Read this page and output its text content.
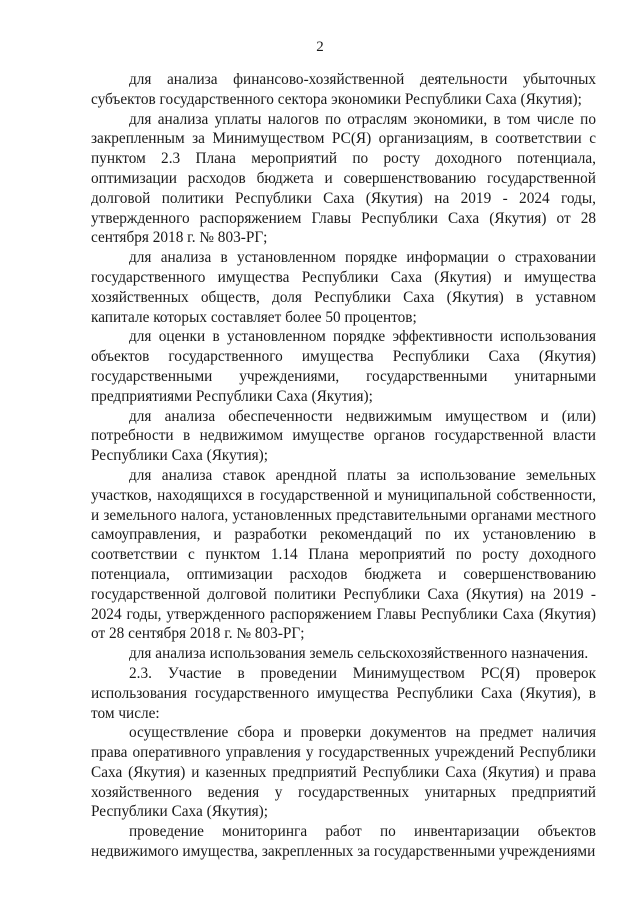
2

для анализа финансово-хозяйственной деятельности убыточных субъектов государственного сектора экономики Республики Саха (Якутия);

для анализа уплаты налогов по отраслям экономики, в том числе по закрепленным за Минимуществом РС(Я) организациям, в соответствии с пунктом 2.3 Плана мероприятий по росту доходного потенциала, оптимизации расходов бюджета и совершенствованию государственной долговой политики Республики Саха (Якутия) на 2019 - 2024 годы, утвержденного распоряжением Главы Республики Саха (Якутия) от 28 сентября 2018 г. № 803-РГ;

для анализа в установленном порядке информации о страховании государственного имущества Республики Саха (Якутия) и имущества хозяйственных обществ, доля Республики Саха (Якутия) в уставном капитале которых составляет более 50 процентов;

для оценки в установленном порядке эффективности использования объектов государственного имущества Республики Саха (Якутия) государственными учреждениями, государственными унитарными предприятиями Республики Саха (Якутия);

для анализа обеспеченности недвижимым имуществом и (или) потребности в недвижимом имуществе органов государственной власти Республики Саха (Якутия);

для анализа ставок арендной платы за использование земельных участков, находящихся в государственной и муниципальной собственности, и земельного налога, установленных представительными органами местного самоуправления, и разработки рекомендаций по их установлению в соответствии с пунктом 1.14 Плана мероприятий по росту доходного потенциала, оптимизации расходов бюджета и совершенствованию государственной долговой политики Республики Саха (Якутия) на 2019 - 2024 годы, утвержденного распоряжением Главы Республики Саха (Якутия) от 28 сентября 2018 г. № 803-РГ;

для анализа использования земель сельскохозяйственного назначения.

2.3. Участие в проведении Минимуществом РС(Я) проверок использования государственного имущества Республики Саха (Якутия), в том числе:

осуществление сбора и проверки документов на предмет наличия права оперативного управления у государственных учреждений Республики Саха (Якутия) и казенных предприятий Республики Саха (Якутия) и права хозяйственного ведения у государственных унитарных предприятий Республики Саха (Якутия);

проведение мониторинга работ по инвентаризации объектов недвижимого имущества, закрепленных за государственными учреждениями
